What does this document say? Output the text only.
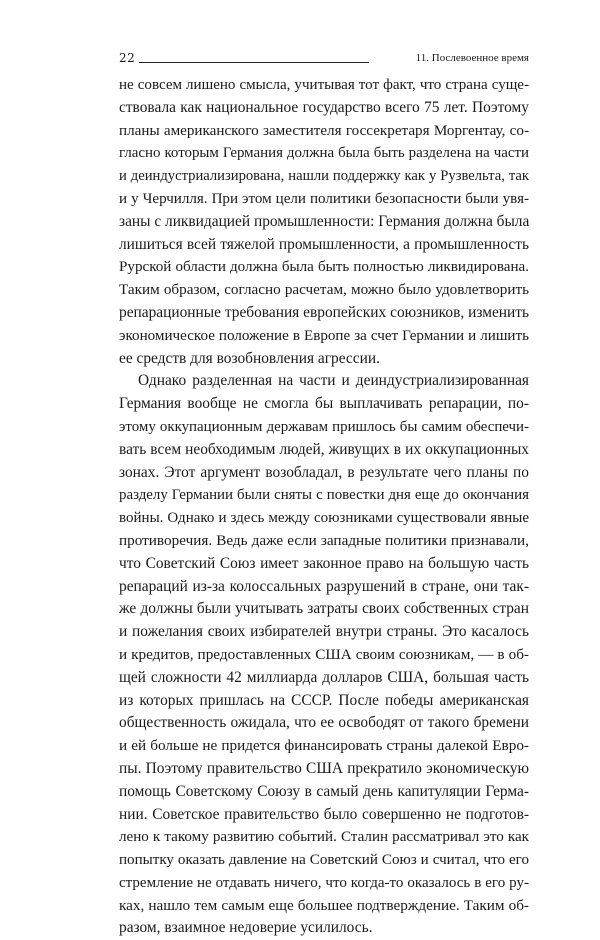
22	11. Послевоенное время
не совсем лишено смысла, учитывая тот факт, что страна суще-
ствовала как национальное государство всего 75 лет. Поэтому
планы американского заместителя госсекретаря Моргентау, со-
гласно которым Германия должна была быть разделена на части
и деиндустриализирована, нашли поддержку как у Рузвельта, так
и у Черчилля. При этом цели политики безопасности были увя-
заны с ликвидацией промышленности: Германия должна была
лишиться всей тяжелой промышленности, а промышленность
Рурской области должна была быть полностью ликвидирована.
Таким образом, согласно расчетам, можно было удовлетворить
репарационные требования европейских союзников, изменить
экономическое положение в Европе за счет Германии и лишить
ее средств для возобновления агрессии.
Однако разделенная на части и деиндустриализированная
Германия вообще не смогла бы выплачивать репарации, по-
этому оккупационным державам пришлось бы самим обеспечи-
вать всем необходимым людей, живущих в их оккупационных
зонах. Этот аргумент возобладал, в результате чего планы по
разделу Германии были сняты с повестки дня еще до окончания
войны. Однако и здесь между союзниками существовали явные
противоречия. Ведь даже если западные политики признавали,
что Советский Союз имеет законное право на большую часть
репараций из-за колоссальных разрушений в стране, они так-
же должны были учитывать затраты своих собственных стран
и пожелания своих избирателей внутри страны. Это касалось
и кредитов, предоставленных США своим союзникам, — в об-
щей сложности 42 миллиарда долларов США, большая часть
из которых пришлась на СССР. После победы американская
общественность ожидала, что ее освободят от такого бремени
и ей больше не придется финансировать страны далекой Евро-
пы. Поэтому правительство США прекратило экономическую
помощь Советскому Союзу в самый день капитуляции Герма-
нии. Советское правительство было совершенно не подготов-
лено к такому развитию событий. Сталин рассматривал это как
попытку оказать давление на Советский Союз и считал, что его
стремление не отдавать ничего, что когда-то оказалось в его ру-
ках, нашло тем самым еще большее подтверждение. Таким об-
разом, взаимное недоверие усилилось.
